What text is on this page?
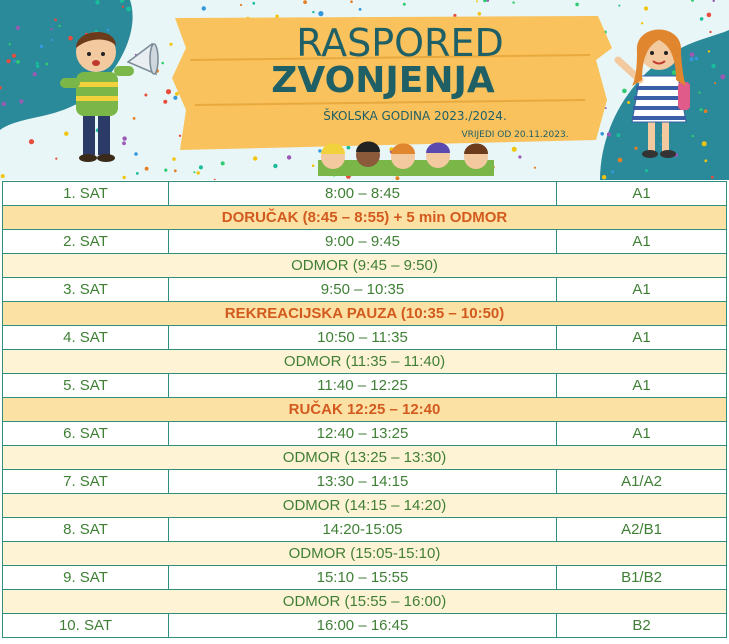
RASPORED
ZVONJENJA
ŠKOLSKA GODINA 2023./2024.
VRIJEDI OD 20.11.2023.
1. SAT	8:00 – 8:45	A1
DORUČAK (8:45 – 8:55) + 5 min ODMOR		
2. SAT	9:00 – 9:45	A1
ODMOR (9:45 – 9:50)		
3. SAT	9:50 – 10:35	A1
REKREACIJSKA PAUZA (10:35 – 10:50)		
4. SAT	10:50 – 11:35	A1
ODMOR (11:35 – 11:40)		
5. SAT	11:40 – 12:25	A1
RUČAK 12:25 – 12:40		
6. SAT	12:40 – 13:25	A1
ODMOR (13:25 – 13:30)		
7. SAT	13:30 – 14:15	A1/A2
ODMOR (14:15 – 14:20)		
8. SAT	14:20-15:05	A2/B1
ODMOR (15:05-15:10)		
9. SAT	15:10 – 15:55	B1/B2
ODMOR (15:55 – 16:00)		
10. SAT	16:00 – 16:45	B2
